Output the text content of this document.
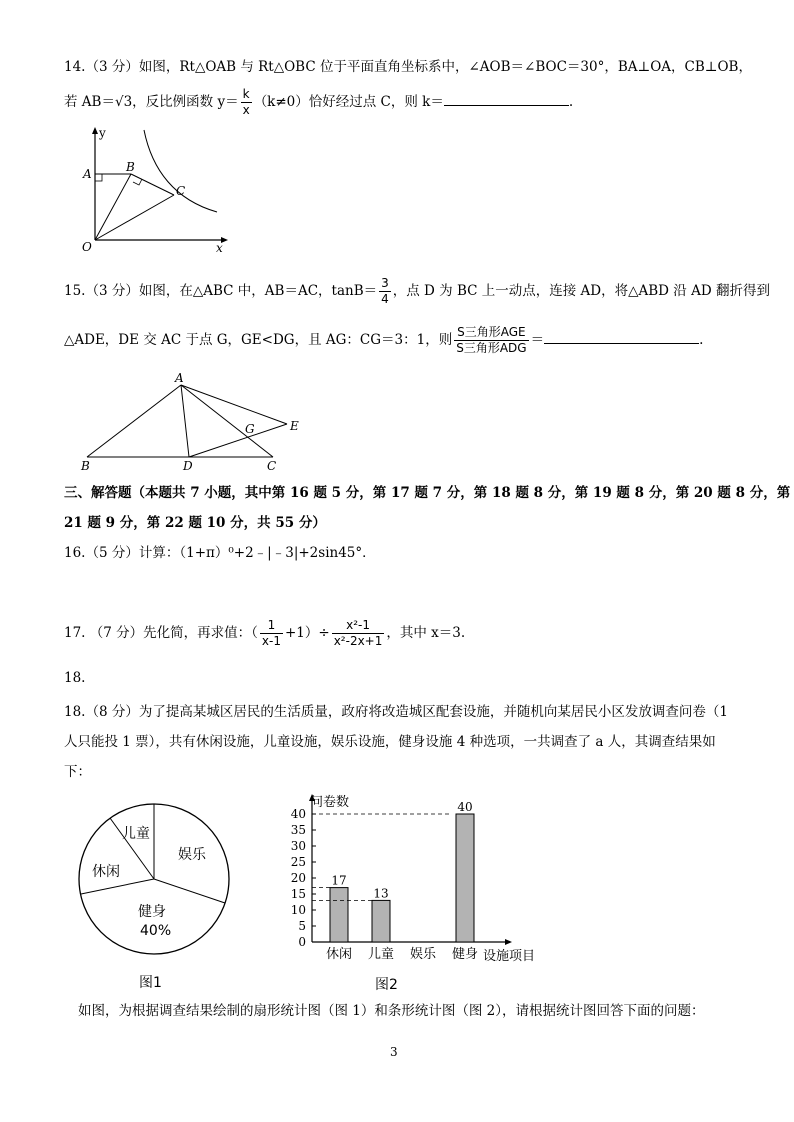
14.（3 分）如图，Rt△OAB 与 Rt△OBC 位于平面直角坐标系中，∠AOB＝∠BOC＝30°，BA⊥OA，CB⊥OB，
若 AB＝√3，反比例函数 $y= \frac{k}{x} (k\ne 0)$恰好经过点 C，则 k＝	.
y
x
A	B
C
O
15.（3 分）如图，在△ABC 中，AB＝AC，$\tan B= \frac{3}{4}$ ，点 D 为 BC 上一动点，连接 AD，将△ABD 沿 AD 翻折得到
△ADE，DE 交 AC 于点 G，GE<DG，且 AG：CG＝3：1，则 $\frac{\text{S三角形AGE}}{\text{S三角形ADG}}$ ＝	.
A
B	D	C
E
G
三、解答题（本题共 7 小题，其中第 16 题 5 分，第 17 题 7 分，第 18 题 8 分，第 19 题 8 分，第 20 题 8 分，第
21 题 9 分，第 22 题 10 分，共 55 分）
16.（5 分）计算：（1+π）⁰+2﹣|﹣3|+2sin45°．
17. （7 分）先化简，再求值：（ $\frac{1}{x-1} +1)\div \frac{\text{x²-1}}{\text{x²-2x+1}}$ ，其中 x＝3.
18.
18.（8 分）为了提高某城区居民的生活质量，政府将改造城区配套设施，并随机向某居民小区发放调查问卷（1
人只能投 1 票），共有休闲设施，儿童设施，娱乐设施，健身设施 4 种选项，一共调查了 a 人，其调查结果如
下：
儿童
娱乐
休闲
健身
40%
图1
0
5
10
15
20
25
30
35
40
休闲
17
儿童
13
娱乐 健身
40
问卷数
设施项目
图2
如图，为根据调查结果绘制的扇形统计图（图 1）和条形统计图（图 2），请根据统计图回答下面的问题：
3
